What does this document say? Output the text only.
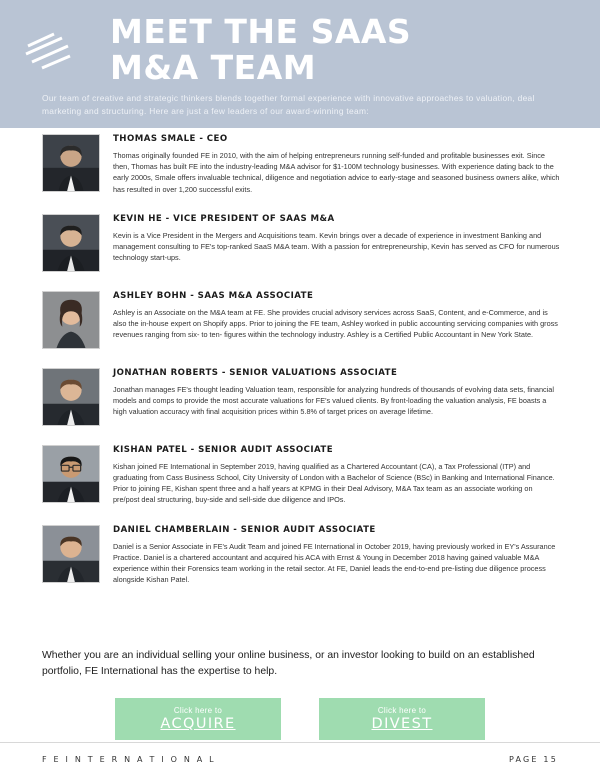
MEET THE SAAS
M&A TEAM
Our team of creative and strategic thinkers blends together formal experience with innovative approaches to valuation, deal marketing and structuring. Here are just a few leaders of our award-winning team:
THOMAS SMALE - CEO
Thomas originally founded FE in 2010, with the aim of helping entrepreneurs running self-funded and profitable businesses exit. Since then, Thomas has built FE into the industry-leading M&A advisor for $1-100M technology businesses. With experience dating back to the early 2000s, Smale offers invaluable technical, diligence and negotiation advice to early-stage and seasoned business owners alike, which has resulted in over 1,200 successful exits.
KEVIN HE - VICE PRESIDENT OF SAAS M&A
Kevin is a Vice President in the Mergers and Acquisitions team. Kevin brings over a decade of experience in investment Banking and management consulting to FE's top-ranked SaaS M&A team. With a passion for entrepreneurship, Kevin has served as CFO for numerous technology start-ups.
ASHLEY BOHN - SAAS M&A ASSOCIATE
Ashley is an Associate on the M&A team at FE. She provides crucial advisory services across SaaS, Content, and e-Commerce, and is also the in-house expert on Shopify apps. Prior to joining the FE team, Ashley worked in public accounting servicing companies with gross revenues ranging from six- to ten- figures within the technology industry. Ashley is a Certified Public Accountant in New York State.
JONATHAN ROBERTS - SENIOR VALUATIONS ASSOCIATE
Jonathan manages FE's thought leading Valuation team, responsible for analyzing hundreds of thousands of evolving data sets, financial models and comps to provide the most accurate valuations for FE's valued clients. By front-loading the valuation analysis, FE boasts a high valuation accuracy with final acquisition prices within 5.8% of target prices on average lifetime.
KISHAN PATEL - SENIOR AUDIT ASSOCIATE
Kishan joined FE International in September 2019, having qualified as a Chartered Accountant (CA), a Tax Professional (ITP) and graduating from Cass Business School, City University of London with a Bachelor of Science (BSc) in Banking and International Finance. Prior to joining FE, Kishan spent three and a half years at KPMG in their Deal Advisory, M&A Tax team as an associate working on pre/post deal structuring, buy-side and sell-side due diligence and IPOs.
DANIEL CHAMBERLAIN - SENIOR AUDIT ASSOCIATE
Daniel is a Senior Associate in FE's Audit Team and joined FE International in October 2019, having previously worked in EY's Assurance Practice. Daniel is a chartered accountant and acquired his ACA with Ernst & Young in December 2018 having gained valuable M&A experience within their Forensics team working in the retail sector. At FE, Daniel leads the end-to-end pre-listing due diligence process alongside Kishan Patel.
Whether you are an individual selling your online business, or an investor looking to build on an established portfolio, FE International has the expertise to help.
Click here to
ACQUIRE
Click here to
DIVEST
F E I N T E R N A T I O N A L	PAGE 15
